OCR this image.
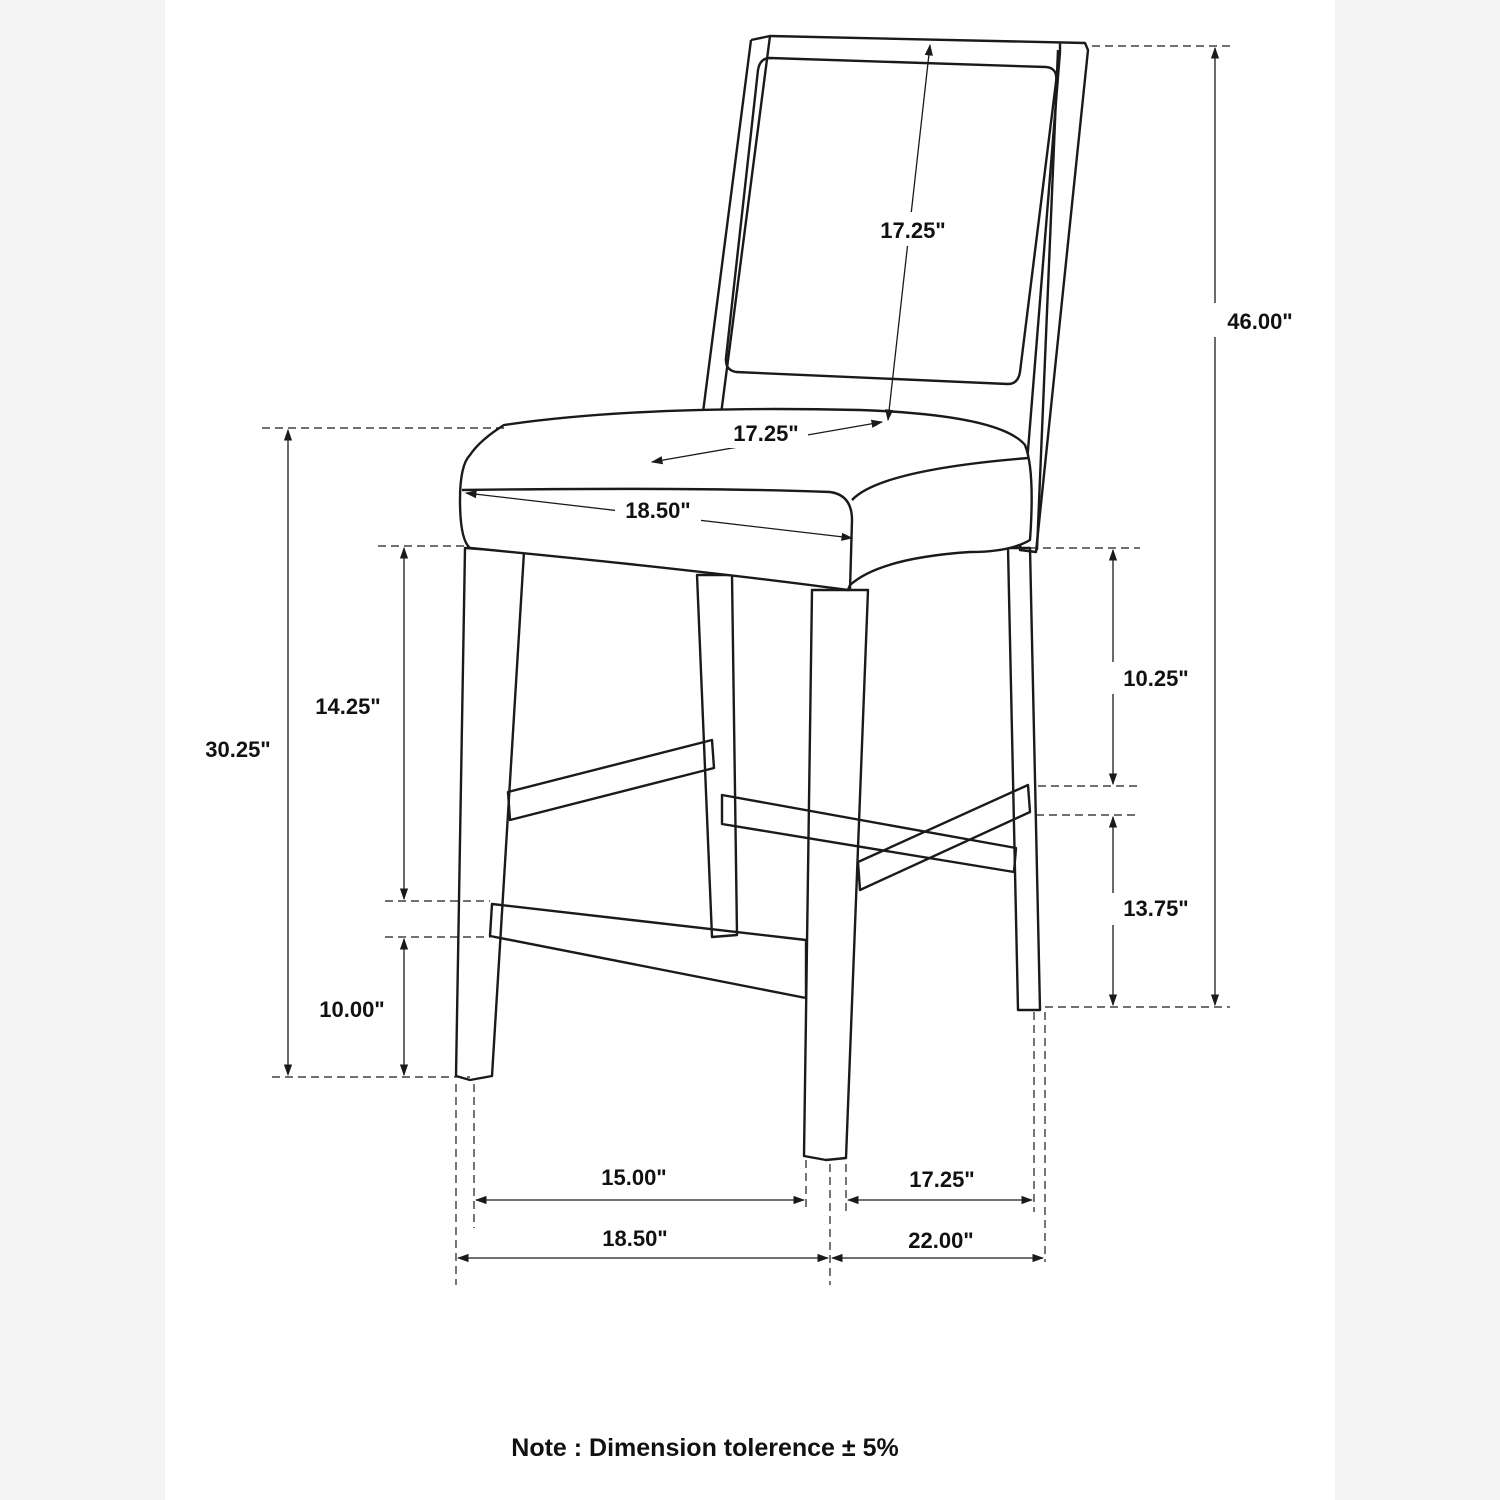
17.25"
17.25"
18.50"
46.00"
30.25"
14.25"
10.00"
10.25"
13.75"
15.00"	17.25"
18.50"	22.00"
Note : Dimension tolerence ± 5%
